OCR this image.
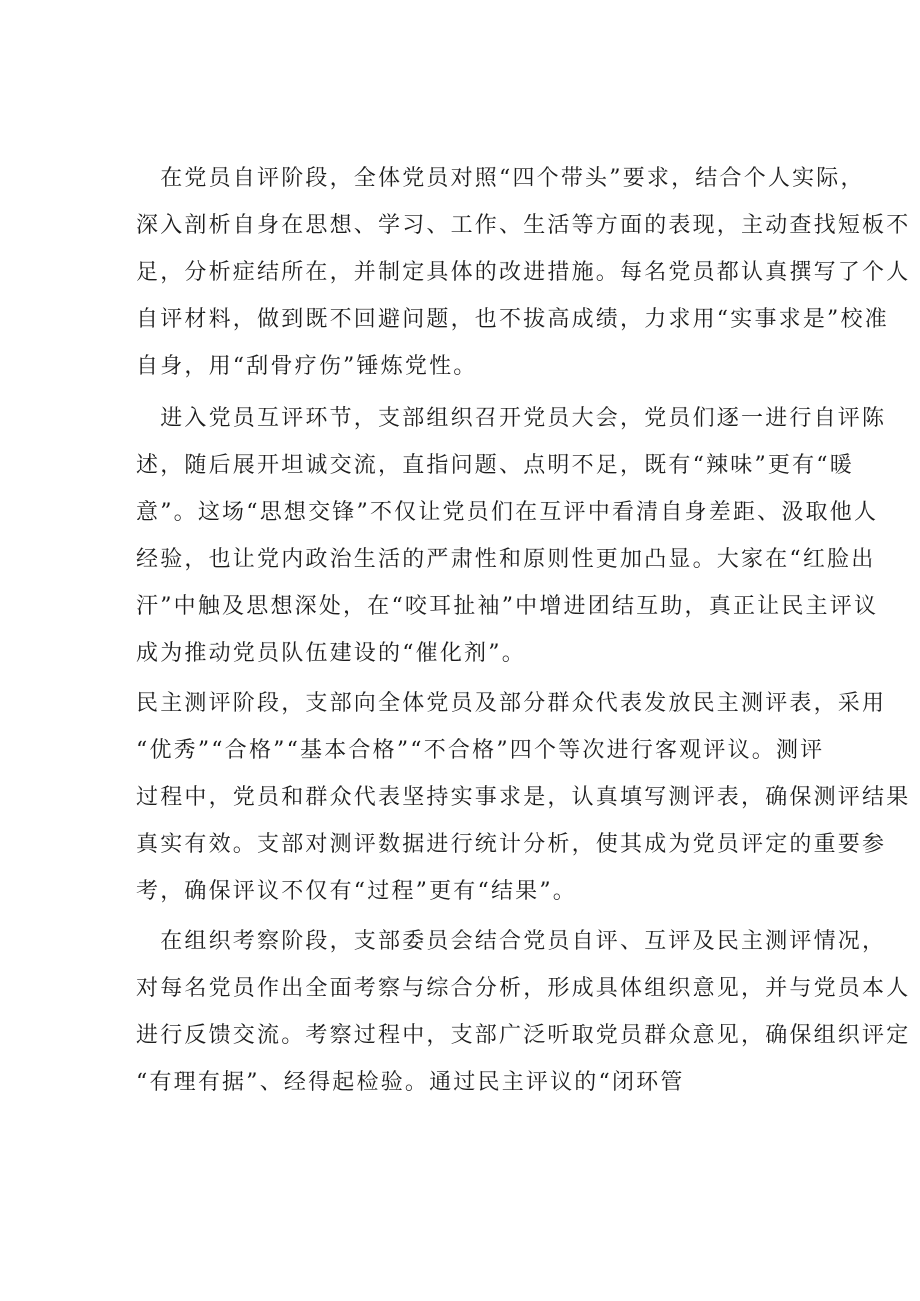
　在党员自评阶段，全体党员对照“四个带头”要求，结合个人实际，
深入剖析自身在思想、学习、工作、生活等方面的表现，主动查找短板不
足，分析症结所在，并制定具体的改进措施。每名党员都认真撰写了个人
自评材料，做到既不回避问题，也不拔高成绩，力求用“实事求是”校准
自身，用“刮骨疗伤”锤炼党性。
　进入党员互评环节，支部组织召开党员大会，党员们逐一进行自评陈
述，随后展开坦诚交流，直指问题、点明不足，既有“辣味”更有“暖
意”。这场“思想交锋”不仅让党员们在互评中看清自身差距、汲取他人
经验，也让党内政治生活的严肃性和原则性更加凸显。大家在“红脸出
汗”中触及思想深处，在“咬耳扯袖”中增进团结互助，真正让民主评议
成为推动党员队伍建设的“催化剂”。
民主测评阶段，支部向全体党员及部分群众代表发放民主测评表，采用
“优秀”“合格”“基本合格”“不合格”四个等次进行客观评议。测评
过程中，党员和群众代表坚持实事求是，认真填写测评表，确保测评结果
真实有效。支部对测评数据进行统计分析，使其成为党员评定的重要参
考，确保评议不仅有“过程”更有“结果”。
　在组织考察阶段，支部委员会结合党员自评、互评及民主测评情况，
对每名党员作出全面考察与综合分析，形成具体组织意见，并与党员本人
进行反馈交流。考察过程中，支部广泛听取党员群众意见，确保组织评定
“有理有据”、经得起检验。通过民主评议的“闭环管
